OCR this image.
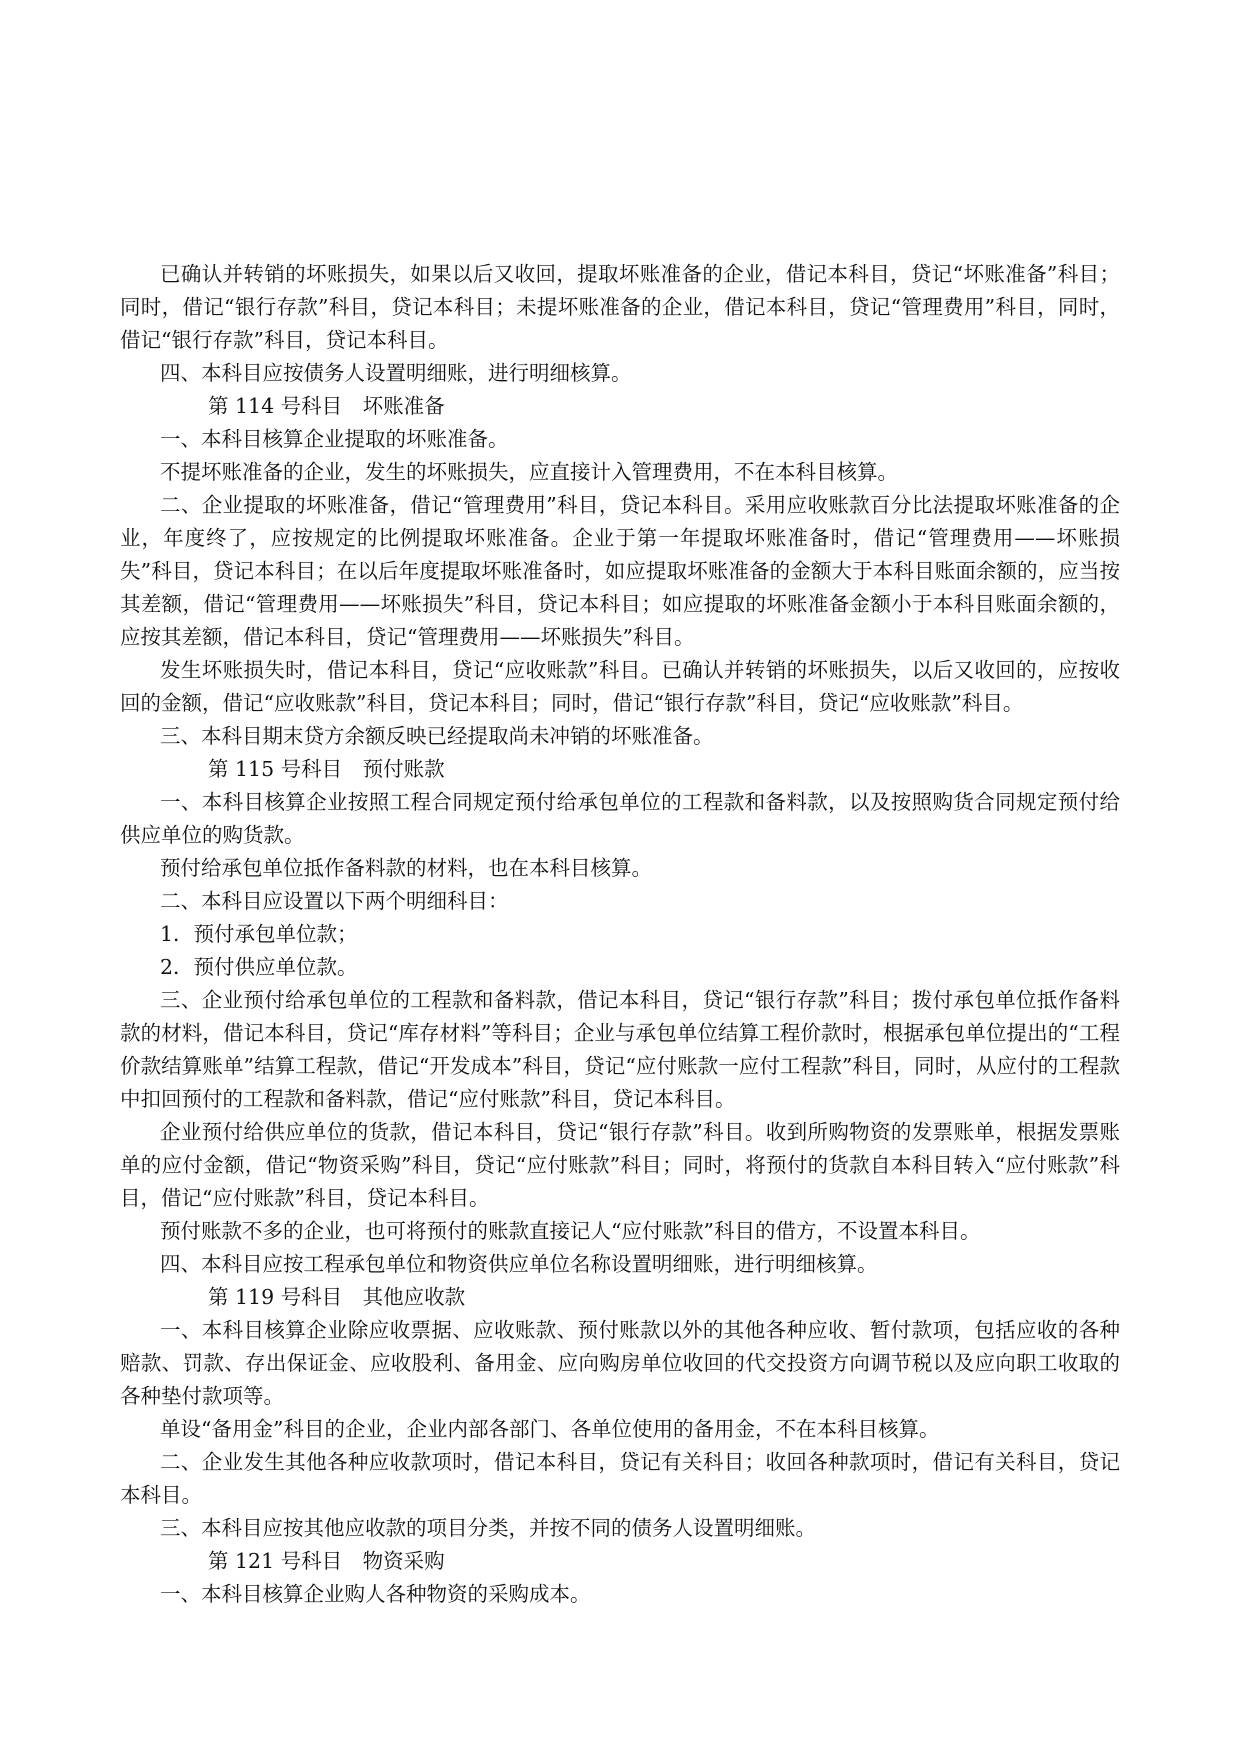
已确认并转销的坏账损失，如果以后又收回，提取坏账准备的企业，借记本科目，贷记“坏账准备”科目；同时，借记“银行存款”科目，贷记本科目；未提坏账准备的企业，借记本科目，贷记“管理费用”科目，同时，借记“银行存款”科目，贷记本科目。

四、本科目应按债务人设置明细账，进行明细核算。

第 114 号科目　坏账准备

一、本科目核算企业提取的坏账准备。

不提坏账准备的企业，发生的坏账损失，应直接计入管理费用，不在本科目核算。

二、企业提取的坏账准备，借记“管理费用”科目，贷记本科目。采用应收账款百分比法提取坏账准备的企业，年度终了，应按规定的比例提取坏账准备。企业于第一年提取坏账准备时，借记“管理费用——坏账损失”科目，贷记本科目；在以后年度提取坏账准备时，如应提取坏账准备的金额大于本科目账面余额的，应当按其差额，借记“管理费用——坏账损失”科目，贷记本科目；如应提取的坏账准备金额小于本科目账面余额的，应按其差额，借记本科目，贷记“管理费用——坏账损失”科目。

发生坏账损失时，借记本科目，贷记“应收账款”科目。已确认并转销的坏账损失，以后又收回的，应按收回的金额，借记“应收账款”科目，贷记本科目；同时，借记“银行存款”科目，贷记“应收账款”科目。

三、本科目期末贷方余额反映已经提取尚未冲销的坏账准备。

第 115 号科目　预付账款

一、本科目核算企业按照工程合同规定预付给承包单位的工程款和备料款，以及按照购货合同规定预付给供应单位的购货款。

预付给承包单位抵作备料款的材料，也在本科目核算。

二、本科目应设置以下两个明细科目：

1．预付承包单位款；

2．预付供应单位款。

三、企业预付给承包单位的工程款和备料款，借记本科目，贷记“银行存款”科目；拨付承包单位抵作备料款的材料，借记本科目，贷记“库存材料”等科目；企业与承包单位结算工程价款时，根据承包单位提出的“工程价款结算账单”结算工程款，借记“开发成本”科目，贷记“应付账款一应付工程款”科目，同时，从应付的工程款中扣回预付的工程款和备料款，借记“应付账款”科目，贷记本科目。

企业预付给供应单位的货款，借记本科目，贷记“银行存款”科目。收到所购物资的发票账单，根据发票账单的应付金额，借记“物资采购”科目，贷记“应付账款”科目；同时，将预付的货款自本科目转入“应付账款”科目，借记“应付账款”科目，贷记本科目。

预付账款不多的企业，也可将预付的账款直接记人“应付账款”科目的借方，不设置本科目。

四、本科目应按工程承包单位和物资供应单位名称设置明细账，进行明细核算。

第 119 号科目　其他应收款

一、本科目核算企业除应收票据、应收账款、预付账款以外的其他各种应收、暂付款项，包括应收的各种赔款、罚款、存出保证金、应收股利、备用金、应向购房单位收回的代交投资方向调节税以及应向职工收取的各种垫付款项等。

单设“备用金”科目的企业，企业内部各部门、各单位使用的备用金，不在本科目核算。

二、企业发生其他各种应收款项时，借记本科目，贷记有关科目；收回各种款项时，借记有关科目，贷记本科目。

三、本科目应按其他应收款的项目分类，并按不同的债务人设置明细账。

第 121 号科目　物资采购

一、本科目核算企业购人各种物资的采购成本。
